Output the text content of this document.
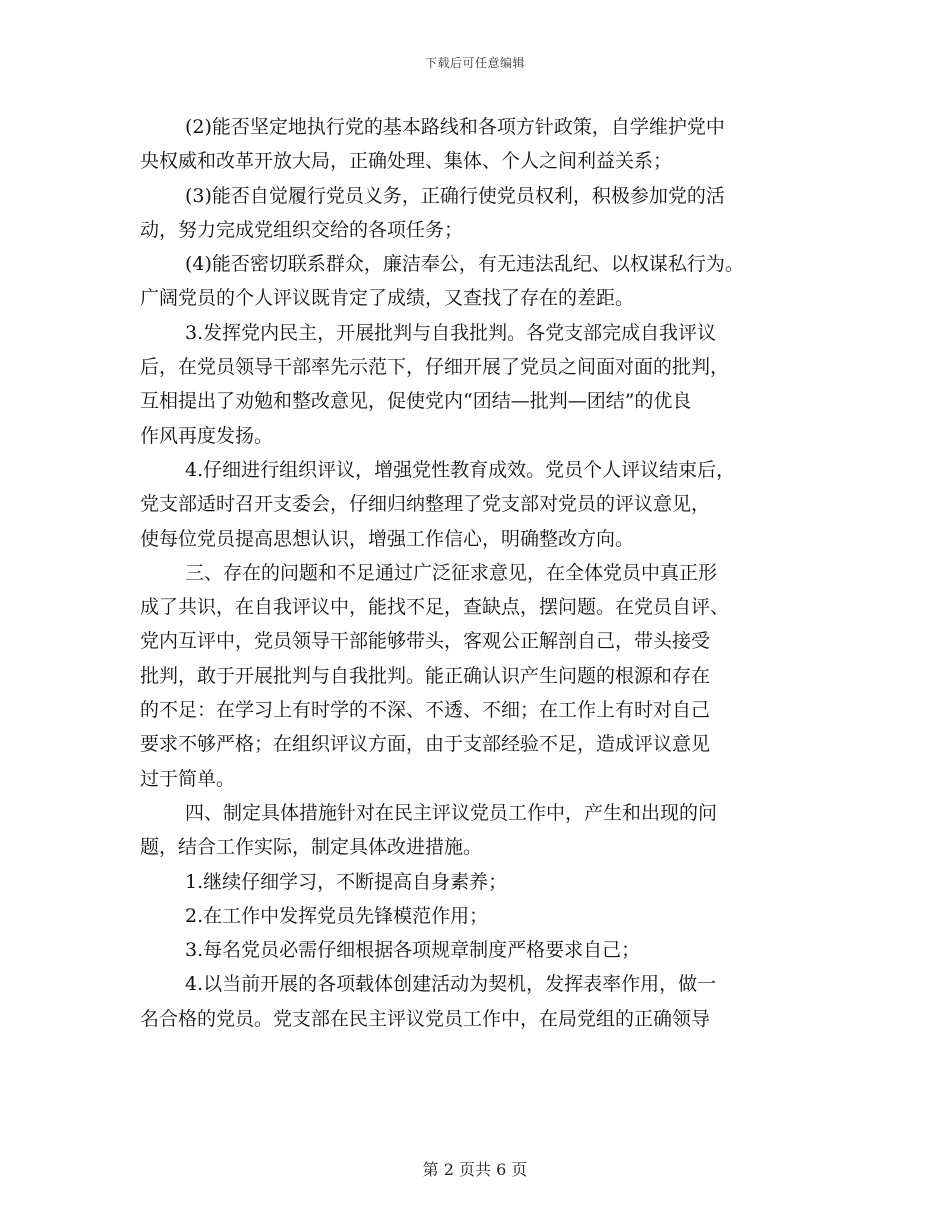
下载后可任意编辑
(2)能否坚定地执行党的基本路线和各项方针政策，自学维护党中
央权威和改革开放大局，正确处理、集体、个人之间利益关系；
(3)能否自觉履行党员义务，正确行使党员权利，积极参加党的活
动，努力完成党组织交给的各项任务；
(4)能否密切联系群众，廉洁奉公，有无违法乱纪、以权谋私行为。
广阔党员的个人评议既肯定了成绩，又查找了存在的差距。
3.发挥党内民主，开展批判与自我批判。各党支部完成自我评议
后，在党员领导干部率先示范下，仔细开展了党员之间面对面的批判，
互相提出了劝勉和整改意见，促使党内“团结—批判—团结”的优良
作风再度发扬。
4.仔细进行组织评议，增强党性教育成效。党员个人评议结束后，
党支部适时召开支委会，仔细归纳整理了党支部对党员的评议意见，
使每位党员提高思想认识，增强工作信心，明确整改方向。
三、存在的问题和不足通过广泛征求意见，在全体党员中真正形
成了共识，在自我评议中，能找不足，查缺点，摆问题。在党员自评、
党内互评中，党员领导干部能够带头，客观公正解剖自己，带头接受
批判，敢于开展批判与自我批判。能正确认识产生问题的根源和存在
的不足：在学习上有时学的不深、不透、不细；在工作上有时对自己
要求不够严格；在组织评议方面，由于支部经验不足，造成评议意见
过于简单。
四、制定具体措施针对在民主评议党员工作中，产生和出现的问
题，结合工作实际，制定具体改进措施。
1.继续仔细学习，不断提高自身素养；
2.在工作中发挥党员先锋模范作用；
3.每名党员必需仔细根据各项规章制度严格要求自己；
4.以当前开展的各项载体创建活动为契机，发挥表率作用，做一
名合格的党员。党支部在民主评议党员工作中，在局党组的正确领导
第 2 页共 6 页
